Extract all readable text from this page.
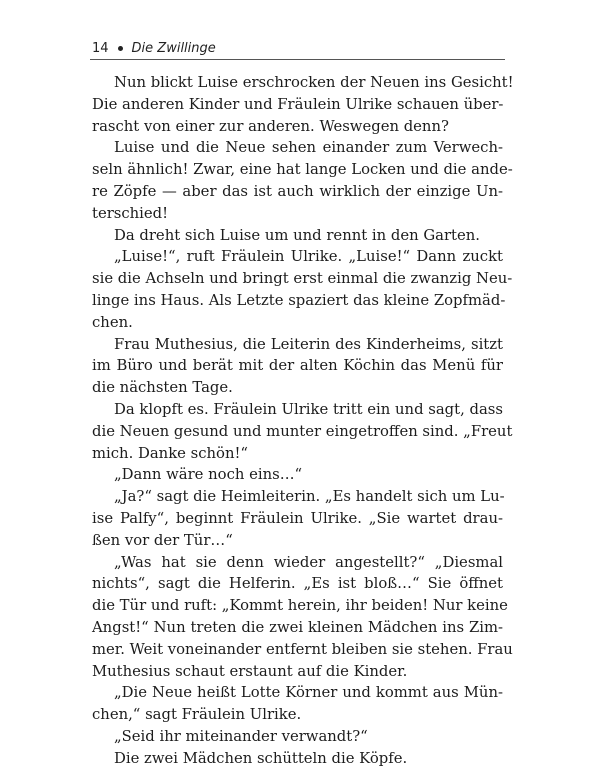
14 Die Zwillinge
Nun blickt Luise erschrocken der Neuen ins Gesicht!
Die anderen Kinder und Fräulein Ulrike schauen über-
rascht von einer zur anderen. Weswegen denn?
Luise und die Neue sehen einander zum Verwech-
seln ähnlich! Zwar, eine hat lange Locken und die ande-
re Zöpfe — aber das ist auch wirklich der einzige Un-
terschied!
Da dreht sich Luise um und rennt in den Garten.
„Luise!“, ruft Fräulein Ulrike. „Luise!“ Dann zuckt
sie die Achseln und bringt erst einmal die zwanzig Neu-
linge ins Haus. Als Letzte spaziert das kleine Zopfmäd-
chen.
Frau Muthesius, die Leiterin des Kinderheims, sitzt
im Büro und berät mit der alten Köchin das Menü für
die nächsten Tage.
Da klopft es. Fräulein Ulrike tritt ein und sagt, dass
die Neuen gesund und munter eingetroffen sind. „Freut
mich. Danke schön!“
„Dann wäre noch eins…“
„Ja?“ sagt die Heimleiterin. „Es handelt sich um Lu-
ise Palfy“, beginnt Fräulein Ulrike. „Sie wartet drau-
ßen vor der Tür…“
„Was hat sie denn wieder angestellt?“ „Diesmal
nichts“, sagt die Helferin. „Es ist bloß…“ Sie öffnet
die Tür und ruft: „Kommt herein, ihr beiden! Nur keine
Angst!“ Nun treten die zwei kleinen Mädchen ins Zim-
mer. Weit voneinander entfernt bleiben sie stehen. Frau
Muthesius schaut erstaunt auf die Kinder.
„Die Neue heißt Lotte Körner und kommt aus Mün-
chen,“ sagt Fräulein Ulrike.
„Seid ihr miteinander verwandt?“
Die zwei Mädchen schütteln die Köpfe.
